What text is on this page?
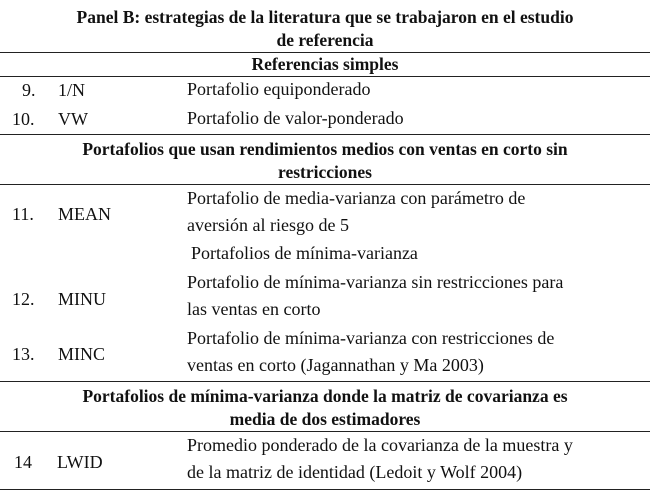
Panel B: estrategias de la literatura que se trabajaron en el estudio
de referencia
Referencias simples
9. 1/N	Portafolio equiponderado
10. VW	Portafolio de valor-ponderado
Portafolios que usan rendimientos medios con ventas en corto sin
restricciones
11. MEAN
Portafolio de media-varianza con parámetro de
aversión al riesgo de 5
Portafolios de mínima-varianza
12. MINU
Portafolio de mínima-varianza sin restricciones para
las ventas en corto
13. MINC
Portafolio de mínima-varianza con restricciones de
ventas en corto (Jagannathan y Ma 2003)
Portafolios de mínima-varianza donde la matriz de covarianza es
media de dos estimadores
14 LWID
Promedio ponderado de la covarianza de la muestra y
de la matriz de identidad (Ledoit y Wolf 2004)
